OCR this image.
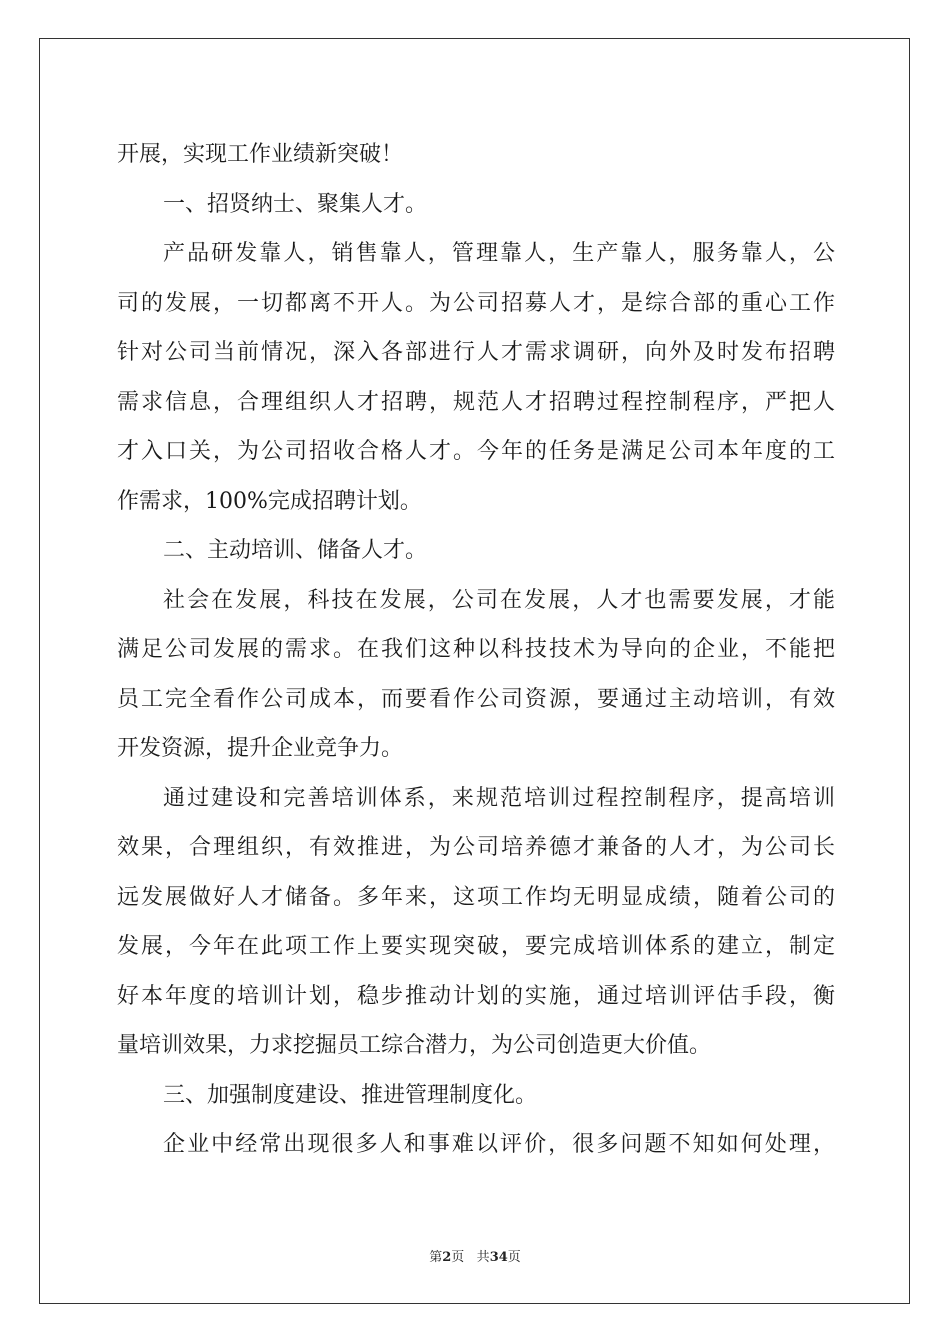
开展，实现工作业绩新突破！
一、招贤纳士、聚集人才。
产品研发靠人，销售靠人，管理靠人，生产靠人，服务靠人，公
司的发展，一切都离不开人。为公司招募人才，是综合部的重心工作
针对公司当前情况，深入各部进行人才需求调研，向外及时发布招聘
需求信息，合理组织人才招聘，规范人才招聘过程控制程序，严把人
才入口关，为公司招收合格人才。今年的任务是满足公司本年度的工
作需求，100%完成招聘计划。
二、主动培训、储备人才。
社会在发展，科技在发展，公司在发展，人才也需要发展，才能
满足公司发展的需求。在我们这种以科技技术为导向的企业，不能把
员工完全看作公司成本，而要看作公司资源，要通过主动培训，有效
开发资源，提升企业竞争力。
通过建设和完善培训体系，来规范培训过程控制程序，提高培训
效果，合理组织，有效推进，为公司培养德才兼备的人才，为公司长
远发展做好人才储备。多年来，这项工作均无明显成绩，随着公司的
发展，今年在此项工作上要实现突破，要完成培训体系的建立，制定
好本年度的培训计划，稳步推动计划的实施，通过培训评估手段，衡
量培训效果，力求挖掘员工综合潜力，为公司创造更大价值。
三、加强制度建设、推进管理制度化。
企业中经常出现很多人和事难以评价，很多问题不知如何处理，
第2页 共34页
